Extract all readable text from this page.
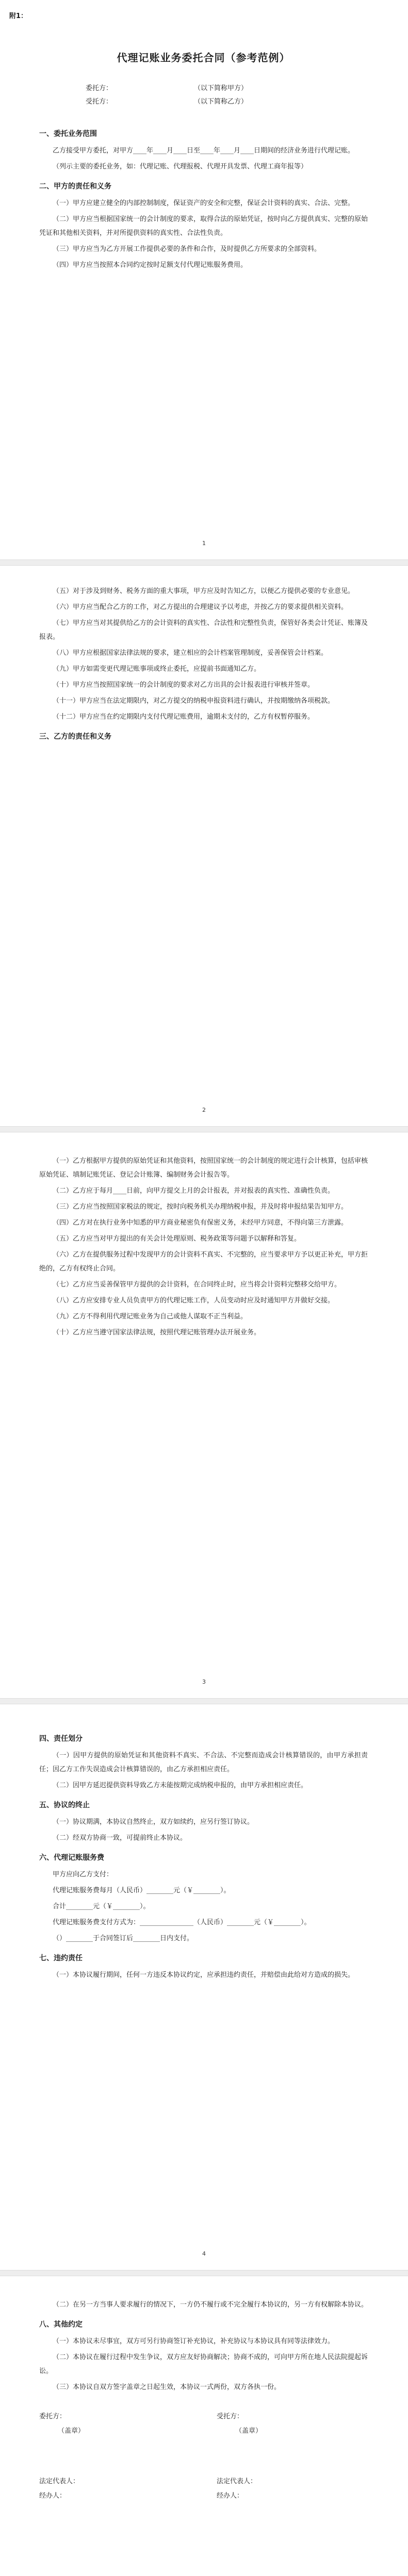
附1：
代理记账业务委托合同（参考范例）
委托方：	（以下简称甲方）
受托方：	（以下简称乙方）
一、委托业务范围

乙方接受甲方委托，对甲方____年____月____日至____年____月____日期间的经济业务进行代理记账。

（列示主要的委托业务，如：代理记账、代理报税、代理开具发票、代理工商年报等）

二、甲方的责任和义务

（一）甲方应建立健全的内部控制制度，保证资产的安全和完整，保证会计资料的真实、合法、完整。

（二）甲方应当根据国家统一的会计制度的要求，取得合法的原始凭证，按时向乙方提供真实、完整的原始凭证和其他相关资料，并对所提供资料的真实性、合法性负责。

（三）甲方应当为乙方开展工作提供必要的条件和合作，及时提供乙方所要求的全部资料。

（四）甲方应当按照本合同约定按时足额支付代理记账服务费用。

1

（五）对于涉及到财务、税务方面的重大事项，甲方应及时告知乙方，以便乙方提供必要的专业意见。

（六）甲方应当配合乙方的工作，对乙方提出的合理建议予以考虑，并按乙方的要求提供相关资料。

（七）甲方应当对其提供给乙方的会计资料的真实性、合法性和完整性负责，保管好各类会计凭证、账簿及报表。

（八）甲方应根据国家法律法规的要求，建立相应的会计档案管理制度，妥善保管会计档案。

（九）甲方如需变更代理记账事项或终止委托，应提前书面通知乙方。

（十）甲方应当按照国家统一的会计制度的要求对乙方出具的会计报表进行审核并签章。

（十一）甲方应当在法定期限内，对乙方提交的纳税申报资料进行确认，并按期缴纳各项税款。

（十二）甲方应当在约定期限内支付代理记账费用，逾期未支付的，乙方有权暂停服务。

三、乙方的责任和义务
2

（一）乙方根据甲方提供的原始凭证和其他资料，按照国家统一的会计制度的规定进行会计核算，包括审核原始凭证、填制记账凭证、登记会计账簿、编制财务会计报告等。

（二）乙方应于每月____日前，向甲方提交上月的会计报表，并对报表的真实性、准确性负责。

（三）乙方应当按照国家税法的规定，按时向税务机关办理纳税申报，并及时将申报结果告知甲方。

（四）乙方对在执行业务中知悉的甲方商业秘密负有保密义务，未经甲方同意，不得向第三方泄露。

（五）乙方应当对甲方提出的有关会计处理原则、税务政策等问题予以解释和答复。

（六）乙方在提供服务过程中发现甲方的会计资料不真实、不完整的，应当要求甲方予以更正补充，甲方拒绝的，乙方有权终止合同。

（七）乙方应当妥善保管甲方提供的会计资料，在合同终止时，应当将会计资料完整移交给甲方。

（八）乙方应安排专业人员负责甲方的代理记账工作，人员变动时应及时通知甲方并做好交接。

（九）乙方不得利用代理记账业务为自己或他人谋取不正当利益。

（十）乙方应当遵守国家法律法规，按照代理记账管理办法开展业务。

3
四、责任划分

（一）因甲方提供的原始凭证和其他资料不真实、不合法、不完整而造成会计核算错误的，由甲方承担责任；因乙方工作失误造成会计核算错误的，由乙方承担相应责任。

（二）因甲方延迟提供资料导致乙方未能按期完成纳税申报的，由甲方承担相应责任。

五、协议的终止

（一）协议期满，本协议自然终止，双方如续约，应另行签订协议。

（二）经双方协商一致，可提前终止本协议。

六、代理记账服务费

甲方应向乙方支付：

代理记账服务费每月（人民币）________元（￥________）。

合计________元（￥________）。

代理记账服务费支付方式为：________________（人民币）________元（￥________）。

（）________于合同签订后________日内支付。

七、违约责任

（一）本协议履行期间，任何一方违反本协议约定，应承担违约责任，并赔偿由此给对方造成的损失。

4

（二）在另一方当事人要求履行的情况下，一方仍不履行或不完全履行本协议的，另一方有权解除本协议。

八、其他约定

（一）本协议未尽事宜，双方可另行协商签订补充协议，补充协议与本协议具有同等法律效力。

（二）本协议在履行过程中发生争议，双方应友好协商解决；协商不成的，可向甲方所在地人民法院提起诉讼。

（三）本协议自双方签字盖章之日起生效，本协议一式两份，双方各执一份。

委托方：
（盖章）
法定代表人：
经办人：
受托方：
（盖章）
法定代表人：
经办人：
